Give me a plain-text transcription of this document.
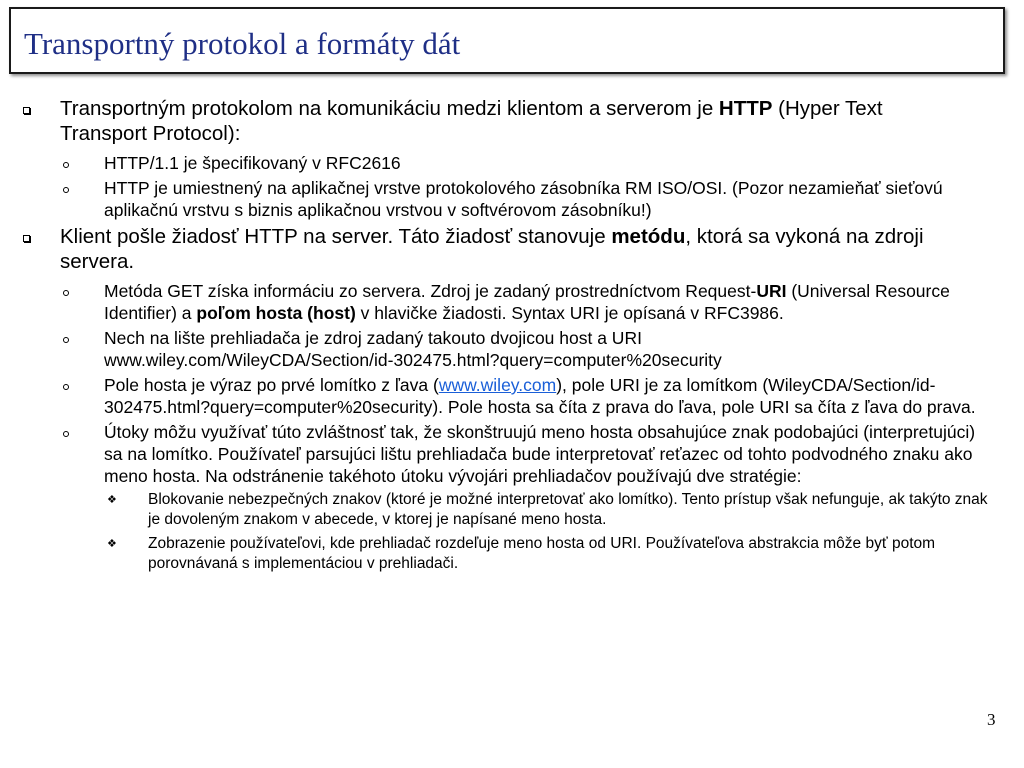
Transportný protokol a formáty dát
Transportným protokolom na komunikáciu medzi klientom a serverom je HTTP (Hyper Text Transport Protocol):
HTTP/1.1 je špecifikovaný v RFC2616
HTTP je umiestnený na aplikačnej vrstve protokolového zásobníka RM ISO/OSI. (Pozor nezamieňať sieťovú aplikačnú vrstvu s biznis aplikačnou vrstvou v softvérovom zásobníku!)
Klient pošle žiadosť HTTP na server. Táto žiadosť stanovuje metódu, ktorá sa vykoná na zdroji servera.
Metóda GET získa informáciu zo servera. Zdroj je zadaný prostredníctvom Request-URI (Universal Resource Identifier) a poľom hosta (host) v hlavičke žiadosti. Syntax URI je opísaná v RFC3986.
Nech na lište prehliadača je zdroj zadaný takouto dvojicou host a URI
www.wiley.com/WileyCDA/Section/id-302475.html?query=computer%20security
Pole hosta je výraz po prvé lomítko z ľava (www.wiley.com), pole URI je za lomítkom (WileyCDA/Section/id-302475.html?query=computer%20security). Pole hosta sa číta z prava do ľava, pole URI sa číta z ľava do prava.
Útoky môžu využívať túto zvláštnosť tak, že skonštruujú meno hosta obsahujúce znak podobajúci (interpretujúci) sa na lomítko. Používateľ parsujúci lištu prehliadača bude interpretovať reťazec od tohto podvodného znaku ako meno hosta. Na odstránenie takéhoto útoku vývojári prehliadačov používajú dve stratégie:
❖ Blokovanie nebezpečných znakov (ktoré je možné interpretovať ako lomítko). Tento prístup však nefunguje, ak takýto znak je dovoleným znakom v abecede, v ktorej je napísané meno hosta.
❖ Zobrazenie používateľovi, kde prehliadač rozdeľuje meno hosta od URI. Používateľova abstrakcia môže byť potom porovnávaná s implementáciou v prehliadači.
3
